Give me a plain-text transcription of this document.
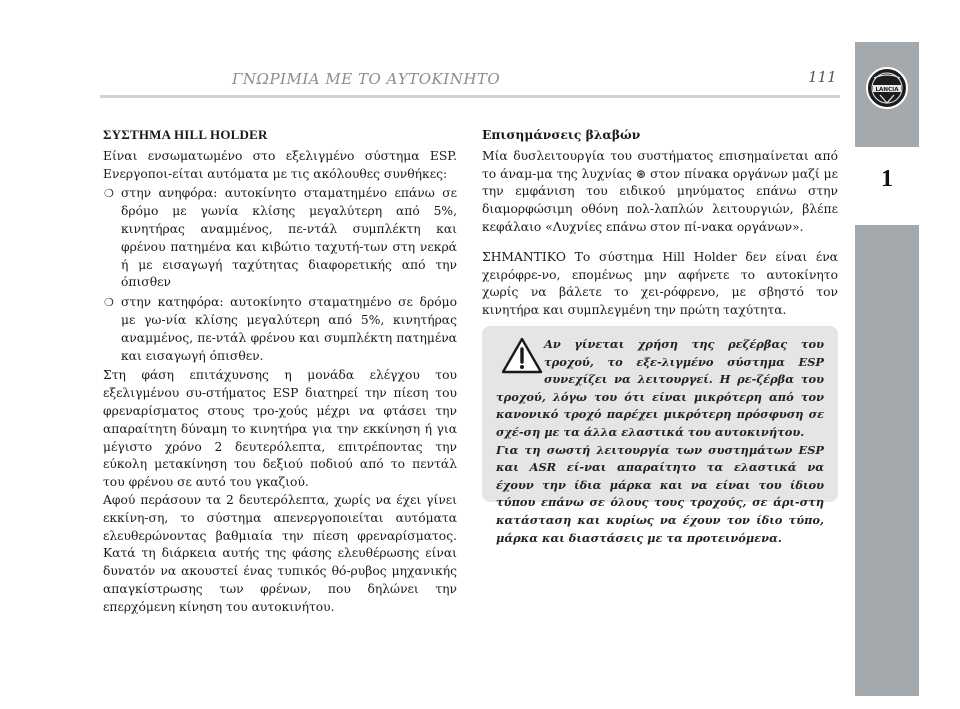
ΓΝΩΡΙΜΙΑ ΜΕ ΤΟ ΑΥΤΟΚΙΝΗΤΟ	111
LANCIA
1
ΣΥΣΤΗΜΑ HILL HOLDER

Είναι ενσωματωμένο στο εξελιγμένο σύστημα ESP. Ενεργοποι-είται αυτόματα με τις ακόλουθες συνθήκες:

❍ στην ανηφόρα: αυτοκίνητο σταματημένο επάνω σε δρόμο με γωνία κλίσης μεγαλύτερη από 5%, κινητήρας αναμμένος, πε-ντάλ συμπλέκτη και φρένου πατημένα και κιβώτιο ταχυτή-των στη νεκρά ή με εισαγωγή ταχύτητας διαφορετικής από την όπισθεν
❍ στην κατηφόρα: αυτοκίνητο σταματημένο σε δρόμο με γω-νία κλίσης μεγαλύτερη από 5%, κινητήρας αναμμένος, πε-ντάλ φρένου και συμπλέκτη πατημένα και εισαγωγή όπισθεν.

Στη φάση επιτάχυνσης η μονάδα ελέγχου του εξελιγμένου συ-στήματος ESP διατηρεί την πίεση του φρεναρίσματος στους τρο-χούς μέχρι να φτάσει την απαραίτητη δύναμη το κινητήρα για την εκκίνηση ή για μέγιστο χρόνο 2 δευτερόλεπτα, επιτρέποντας την εύκολη μετακίνηση του δεξιού ποδιού από το πεντάλ του φρένου σε αυτό του γκαζιού.

Αφού περάσουν τα 2 δευτερόλεπτα, χωρίς να έχει γίνει εκκίνη-ση, το σύστημα απενεργοποιείται αυτόματα ελευθερώνοντας βαθμιαία την πίεση φρεναρίσματος. Κατά τη διάρκεια αυτής της φάσης ελευθέρωσης είναι δυνατόν να ακουστεί ένας τυπικός θό-ρυβος μηχανικής απαγκίστρωσης των φρένων, που δηλώνει την επερχόμενη κίνηση του αυτοκινήτου.

Επισημάνσεις βλαβών

Μία δυσλειτουργία του συστήματος επισημαίνεται από το άναμ-μα της λυχνίας ⊛ στον πίνακα οργάνων μαζί με την εμφάνιση του ειδικού μηνύματος επάνω στην διαμορφώσιμη οθόνη πολ-λαπλών λειτουργιών, βλέπε κεφάλαιο «Λυχνίες επάνω στον πί-νακα οργάνων».

ΣΗΜΑΝΤΙΚΟ Το σύστημα Hill Holder δεν είναι ένα χειρόφρε-νο, επομένως μην αφήνετε το αυτοκίνητο χωρίς να βάλετε το χει-ρόφρενο, με σβηστό τον κινητήρα και συμπλεγμένη την πρώτη ταχύτητα.

Αν γίνεται χρήση της ρεζέρβας του τροχού, το εξε-λιγμένο σύστημα ESP συνεχίζει να λειτουργεί. Η ρε-ζέρβα του τροχού, λόγω του ότι είναι μικρότερη από τον κανονικό τροχό παρέχει μικρότερη πρόσφυση σε σχέ-ση με τα άλλα ελαστικά του αυτοκινήτου.
Για τη σωστή λειτουργία των συστημάτων ESP και ASR εί-ναι απαραίτητο τα ελαστικά να έχουν την ίδια μάρκα και να είναι του ίδιου τύπου επάνω σε όλους τους τροχούς, σε άρι-στη κατάσταση και κυρίως να έχουν τον ίδιο τύπο, μάρκα και διαστάσεις με τα προτεινόμενα.
